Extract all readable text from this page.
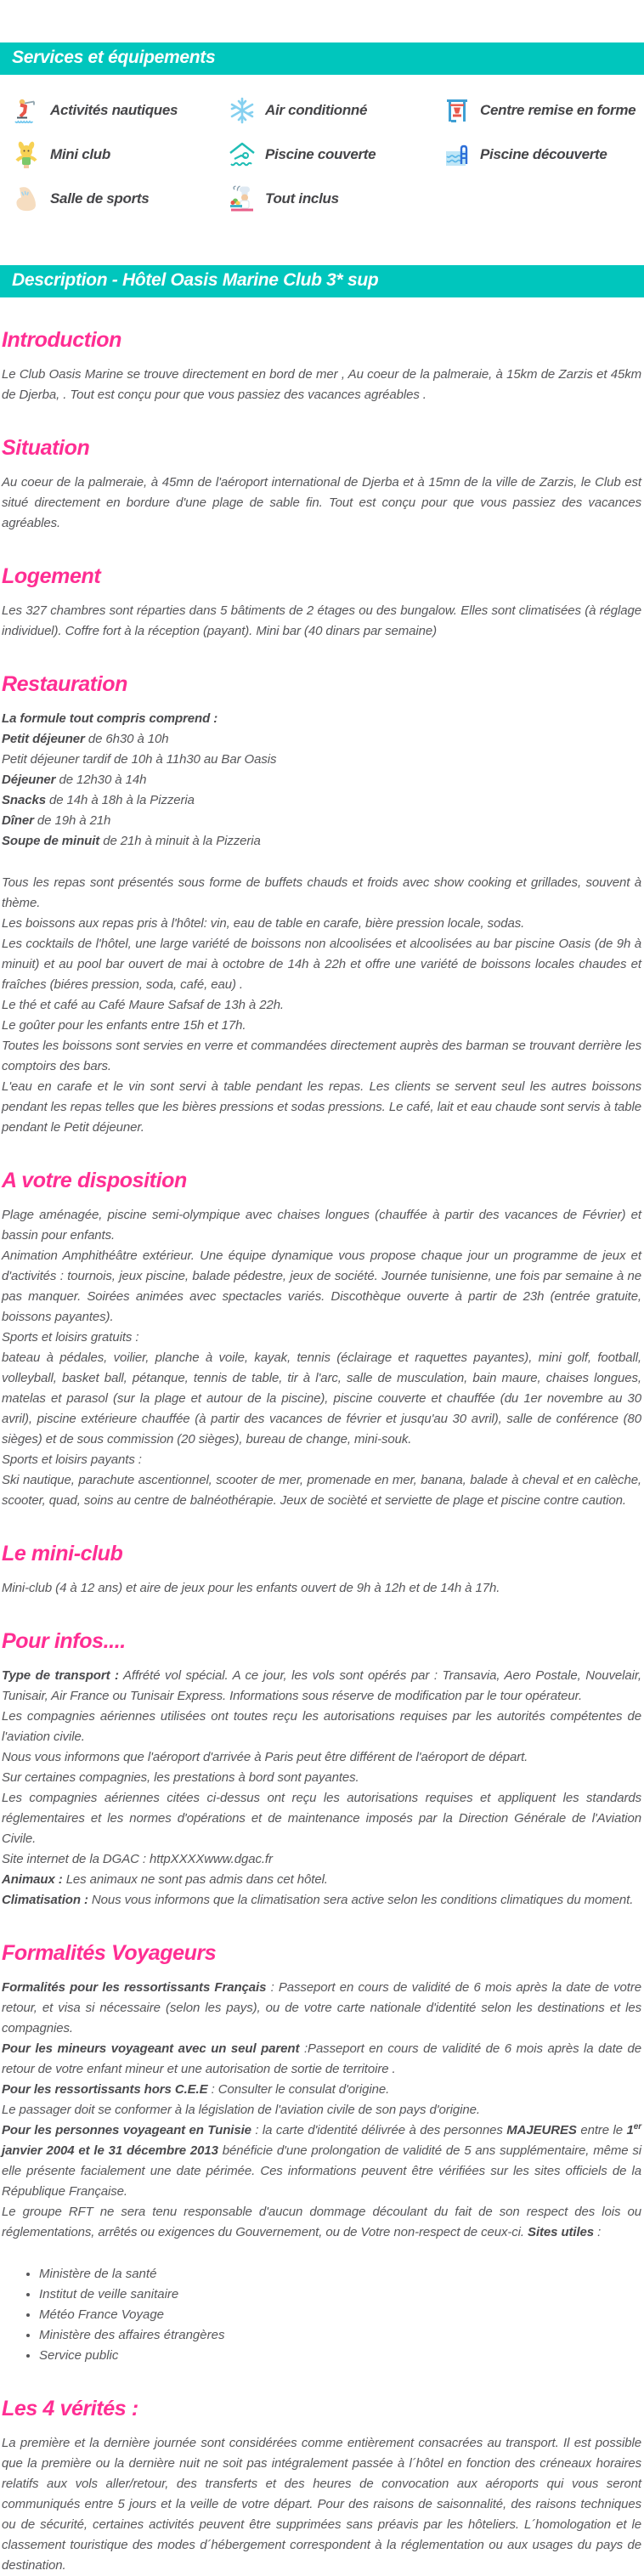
Services et équipements
Activités nautiques	Air conditionné	Centre remise en forme
Mini club	Piscine couverte	Piscine découverte
Salle de sports	Tout inclus
Description - Hôtel Oasis Marine Club 3* sup
Introduction

Le Club Oasis Marine se trouve directement en bord de mer , Au coeur de la palmeraie, à 15km de Zarzis et 45km de Djerba, . Tout est conçu pour que vous passiez des vacances agréables .

Situation

Au coeur de la palmeraie, à 45mn de l'aéroport international de Djerba et à 15mn de la ville de Zarzis, le Club est situé directement en bordure d'une plage de sable fin. Tout est conçu pour que vous passiez des vacances agréables.

Logement

Les 327 chambres sont réparties dans 5 bâtiments de 2 étages ou des bungalow. Elles sont climatisées (à réglage individuel). Coffre fort à la réception (payant). Mini bar (40 dinars par semaine)

Restauration

La formule tout compris comprend :
Petit déjeuner de 6h30 à 10h
Petit déjeuner tardif de 10h à 11h30 au Bar Oasis
Déjeuner de 12h30 à 14h
Snacks de 14h à 18h à la Pizzeria
Dîner de 19h à 21h
Soupe de minuit de 21h à minuit à la Pizzeria

Tous les repas sont présentés sous forme de buffets chauds et froids avec show cooking et grillades, souvent à thème.
Les boissons aux repas pris à l'hôtel: vin, eau de table en carafe, bière pression locale, sodas.
Les cocktails de l'hôtel, une large variété de boissons non alcoolisées et alcoolisées au bar piscine Oasis (de 9h à minuit) et au pool bar ouvert de mai à octobre de 14h à 22h et offre une variété de boissons locales chaudes et fraîches (biéres pression, soda, café, eau) .
Le thé et café au Café Maure Safsaf de 13h à 22h.
Le goûter pour les enfants entre 15h et 17h.
Toutes les boissons sont servies en verre et commandées directement auprès des barman se trouvant derrière les comptoirs des bars.
L'eau en carafe et le vin sont servi à table pendant les repas. Les clients se servent seul les autres boissons pendant les repas telles que les bières pressions et sodas pressions. Le café, lait et eau chaude sont servis à table pendant le Petit déjeuner.

A votre disposition

Plage aménagée, piscine semi-olympique avec chaises longues (chauffée à partir des vacances de Février) et bassin pour enfants.
Animation Amphithéâtre extérieur. Une équipe dynamique vous propose chaque jour un programme de jeux et d'activités : tournois, jeux piscine, balade pédestre, jeux de société. Journée tunisienne, une fois par semaine à ne pas manquer. Soirées animées avec spectacles variés. Discothèque ouverte à partir de 23h (entrée gratuite, boissons payantes).
Sports et loisirs gratuits :
bateau à pédales, voilier, planche à voile, kayak, tennis (éclairage et raquettes payantes), mini golf, football, volleyball, basket ball, pétanque, tennis de table, tir à l'arc, salle de musculation, bain maure, chaises longues, matelas et parasol (sur la plage et autour de la piscine), piscine couverte et chauffée (du 1er novembre au 30 avril), piscine extérieure chauffée (à partir des vacances de février et jusqu'au 30 avril), salle de conférence (80 sièges) et de sous commission (20 sièges), bureau de change, mini-souk.
Sports et loisirs payants :
Ski nautique, parachute ascentionnel, scooter de mer, promenade en mer, banana, balade à cheval et en calèche, scooter, quad, soins au centre de balnéothérapie. Jeux de socièté et serviette de plage et piscine contre caution.

Le mini-club

Mini-club (4 à 12 ans) et aire de jeux pour les enfants ouvert de 9h à 12h et de 14h à 17h.

Pour infos....

Type de transport : Affrété vol spécial. A ce jour, les vols sont opérés par : Transavia, Aero Postale, Nouvelair, Tunisair, Air France ou Tunisair Express. Informations sous réserve de modification par le tour opérateur.
Les compagnies aériennes utilisées ont toutes reçu les autorisations requises par les autorités compétentes de l'aviation civile.
Nous vous informons que l'aéroport d'arrivée à Paris peut être différent de l'aéroport de départ.
Sur certaines compagnies, les prestations à bord sont payantes.
Les compagnies aériennes citées ci-dessus ont reçu les autorisations requises et appliquent les standards réglementaires et les normes d'opérations et de maintenance imposés par la Direction Générale de l'Aviation Civile.
Site internet de la DGAC : httpXXXXwww.dgac.fr
Animaux : Les animaux ne sont pas admis dans cet hôtel.
Climatisation : Nous vous informons que la climatisation sera active selon les conditions climatiques du moment.

Formalités Voyageurs

Formalités pour les ressortissants Français : Passeport en cours de validité de 6 mois après la date de votre retour, et visa si nécessaire (selon les pays), ou de votre carte nationale d'identité selon les destinations et les compagnies.
Pour les mineurs voyageant avec un seul parent :Passeport en cours de validité de 6 mois après la date de retour de votre enfant mineur et une autorisation de sortie de territoire .
Pour les ressortissants hors C.E.E : Consulter le consulat d'origine.
Le passager doit se conformer à la législation de l'aviation civile de son pays d'origine.
Pour les personnes voyageant en Tunisie : la carte d'identité délivrée à des personnes MAJEURES entre le 1er janvier 2004 et le 31 décembre 2013 bénéficie d'une prolongation de validité de 5 ans supplémentaire, même si elle présente facialement une date périmée. Ces informations peuvent être vérifiées sur les sites officiels de la République Française.
Le groupe RFT ne sera tenu responsable d'aucun dommage découlant du fait de son respect des lois ou réglementations, arrêtés ou exigences du Gouvernement, ou de Votre non-respect de ceux-ci. Sites utiles :

• Ministère de la santé
• Institut de veille sanitaire
• Météo France Voyage
• Ministère des affaires étrangères
• Service public
Les 4 vérités :

La première et la dernière journée sont considérées comme entièrement consacrées au transport. Il est possible que la première ou la dernière nuit ne soit pas intégralement passée à l´hôtel en fonction des créneaux horaires relatifs aux vols aller/retour, des transferts et des heures de convocation aux aéroports qui vous seront communiqués entre 5 jours et la veille de votre départ. Pour des raisons de saisonnalité, des raisons techniques ou de sécurité, certaines activités peuvent être supprimées sans préavis par les hôteliers. L´homologation et le classement touristique des modes d´hébergement correspondent à la réglementation ou aux usages du pays de destination.
